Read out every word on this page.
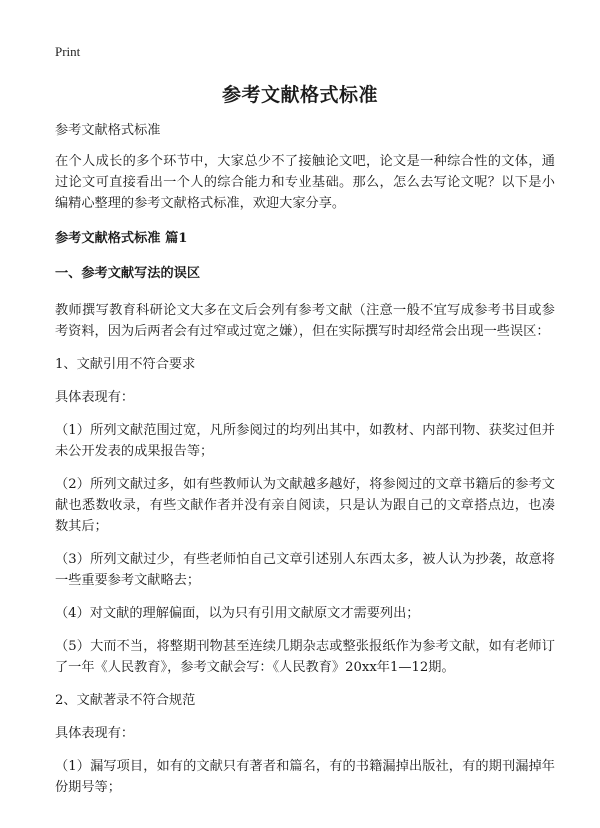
Print
参考文献格式标准

参考文献格式标准

在个人成长的多个环节中，大家总少不了接触论文吧，论文是一种综合性的文体，通过论文可直接看出一个人的综合能力和专业基础。那么，怎么去写论文呢？以下是小编精心整理的参考文献格式标准，欢迎大家分享。

参考文献格式标准 篇1

一、参考文献写法的误区

教师撰写教育科研论文大多在文后会列有参考文献（注意一般不宜写成参考书目或参考资料，因为后两者会有过窄或过宽之嫌），但在实际撰写时却经常会出现一些误区：

1、文献引用不符合要求

具体表现有：

（1）所列文献范围过宽，凡所参阅过的均列出其中，如教材、内部刊物、获奖过但并未公开发表的成果报告等；

（2）所列文献过多，如有些教师认为文献越多越好，将参阅过的文章书籍后的参考文献也悉数收录，有些文献作者并没有亲自阅读，只是认为跟自己的文章搭点边，也凑数其后；

（3）所列文献过少，有些老师怕自己文章引述别人东西太多，被人认为抄袭，故意将一些重要参考文献略去；

（4）对文献的理解偏面，以为只有引用文献原文才需要列出；

（5）大而不当，将整期刊物甚至连续几期杂志或整张报纸作为参考文献，如有老师订了一年《人民教育》，参考文献会写：《人民教育》20xx年1—12期。

2、文献著录不符合规范

具体表现有：

（1）漏写项目，如有的文献只有著者和篇名，有的书籍漏掉出版社，有的期刊漏掉年份期号等；
